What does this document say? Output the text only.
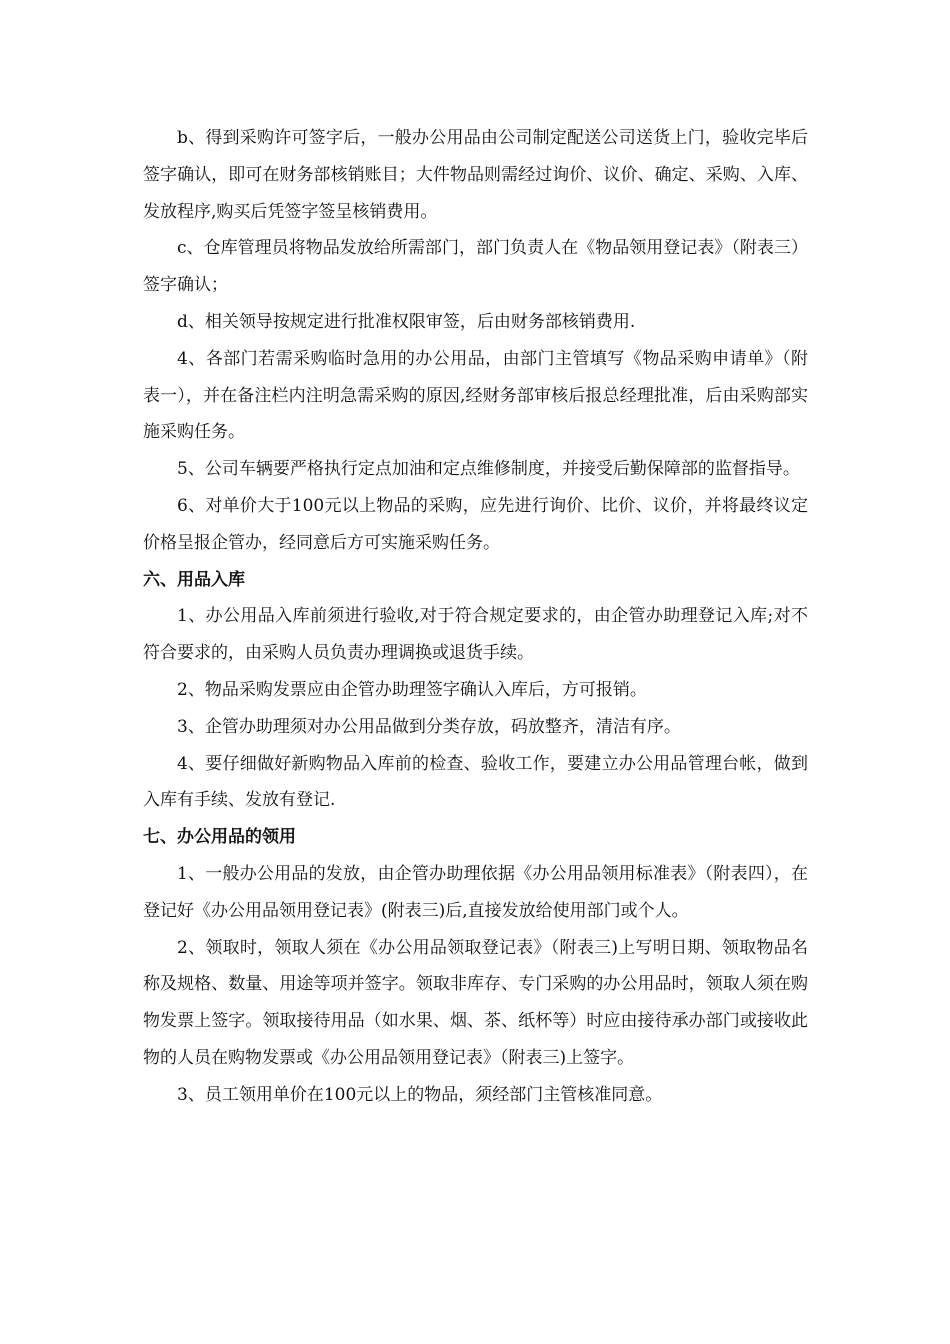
b、得到采购许可签字后，一般办公用品由公司制定配送公司送货上门，验收完毕后签字确认，即可在财务部核销账目；大件物品则需经过询价、议价、确定、采购、入库、发放程序,购买后凭签字签呈核销费用。

c、仓库管理员将物品发放给所需部门，部门负责人在《物品领用登记表》（附表三）签字确认；

d、相关领导按规定进行批准权限审签，后由财务部核销费用.

4、各部门若需采购临时急用的办公用品，由部门主管填写《物品采购申请单》（附表一），并在备注栏内注明急需采购的原因,经财务部审核后报总经理批准，后由采购部实施采购任务。

5、公司车辆要严格执行定点加油和定点维修制度，并接受后勤保障部的监督指导。

6、对单价大于100元以上物品的采购，应先进行询价、比价、议价，并将最终议定价格呈报企管办，经同意后方可实施采购任务。

六、用品入库

1、办公用品入库前须进行验收,对于符合规定要求的，由企管办助理登记入库;对不符合要求的，由采购人员负责办理调换或退货手续。

2、物品采购发票应由企管办助理签字确认入库后，方可报销。

3、企管办助理须对办公用品做到分类存放，码放整齐，清洁有序。

4、要仔细做好新购物品入库前的检查、验收工作，要建立办公用品管理台帐，做到入库有手续、发放有登记.

七、办公用品的领用

1、一般办公用品的发放，由企管办助理依据《办公用品领用标准表》（附表四），在登记好《办公用品领用登记表》(附表三)后,直接发放给使用部门或个人。

2、领取时，领取人须在《办公用品领取登记表》（附表三)上写明日期、领取物品名称及规格、数量、用途等项并签字。领取非库存、专门采购的办公用品时，领取人须在购物发票上签字。领取接待用品（如水果、烟、茶、纸杯等）时应由接待承办部门或接收此物的人员在购物发票或《办公用品领用登记表》（附表三)上签字。

3、员工领用单价在100元以上的物品，须经部门主管核准同意。
